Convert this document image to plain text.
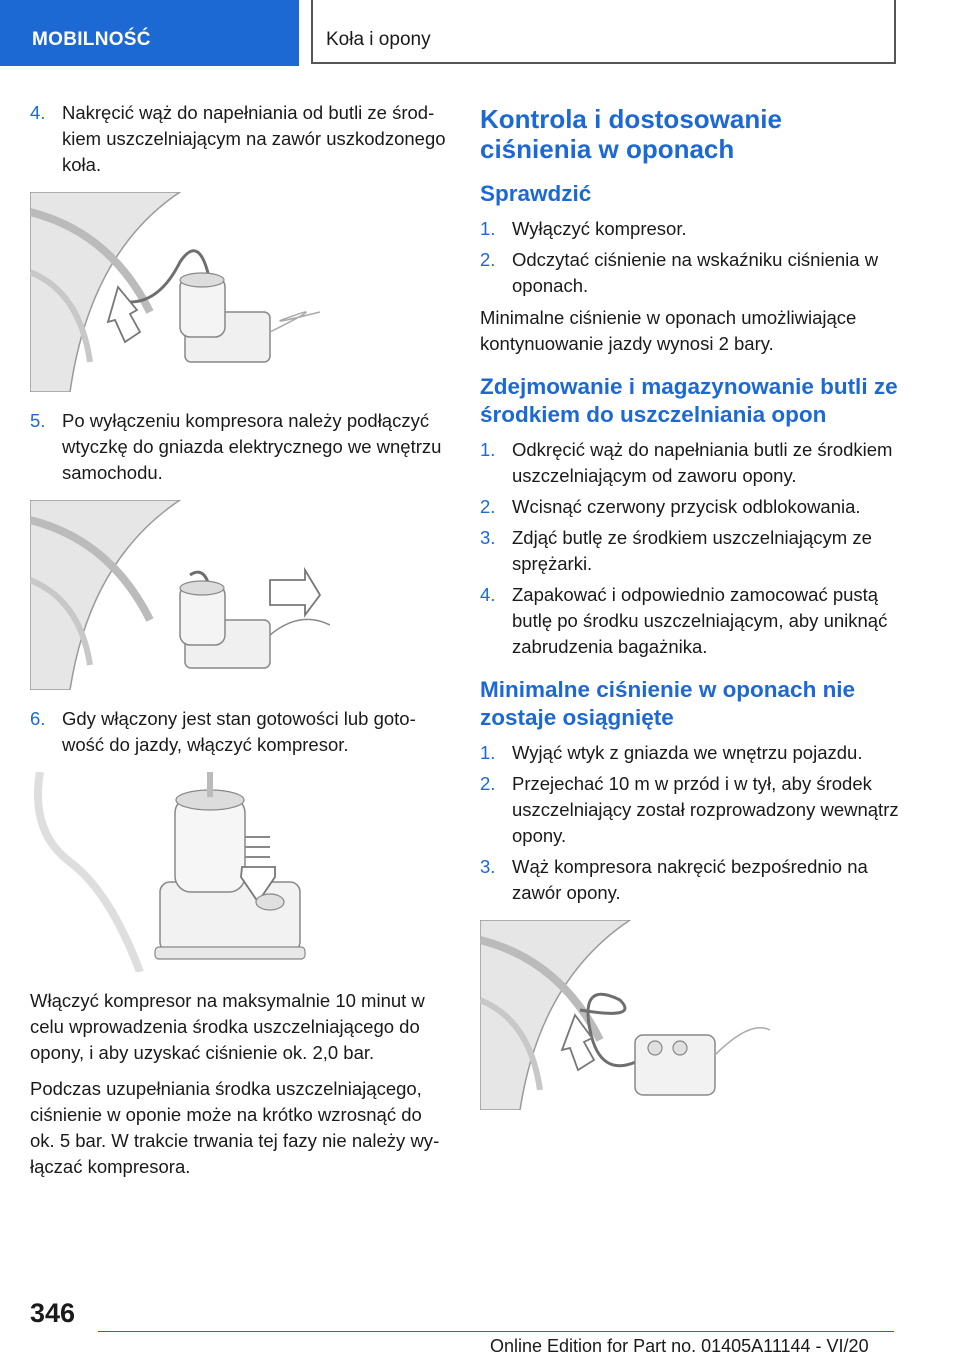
MOBILNOŚĆ	Koła i opony
4. Nakręcić wąż do napełniania od butli ze środkiem uszczelniającym na zawór uszkodzonego koła.
5. Po wyłączeniu kompresora należy podłączyć wtyczkę do gniazda elektrycznego we wnętrzu samochodu.
6. Gdy włączony jest stan gotowości lub gotowość do jazdy, włączyć kompresor.
Włączyć kompresor na maksymalnie 10 minut w celu wprowadzenia środka uszczelniającego do opony, i aby uzyskać ciśnienie ok. 2,0 bar.
Podczas uzupełniania środka uszczelniającego, ciśnienie w oponie może na krótko wzrosnąć do ok. 5 bar. W trakcie trwania tej fazy nie należy wyłączać kompresora.
Kontrola i dostosowanie ciśnienia w oponach
Sprawdzić
1. Wyłączyć kompresor.
2. Odczytać ciśnienie na wskaźniku ciśnienia w oponach.
Minimalne ciśnienie w oponach umożliwiające kontynuowanie jazdy wynosi 2 bary.
Zdejmowanie i magazynowanie butli ze środkiem do uszczelniania opon
1. Odkręcić wąż do napełniania butli ze środkiem uszczelniającym od zaworu opony.
2. Wcisnąć czerwony przycisk odblokowania.
3. Zdjąć butlę ze środkiem uszczelniającym ze sprężarki.
4. Zapakować i odpowiednio zamocować pustą butlę po środku uszczelniającym, aby uniknąć zabrudzenia bagażnika.
Minimalne ciśnienie w oponach nie zostaje osiągnięte
1. Wyjąć wtyk z gniazda we wnętrzu pojazdu.
2. Przejechać 10 m w przód i w tył, aby środek uszczelniający został rozprowadzony wewnątrz opony.
3. Wąż kompresora nakręcić bezpośrednio na zawór opony.
346
Online Edition for Part no. 01405A11144 - VI/20
